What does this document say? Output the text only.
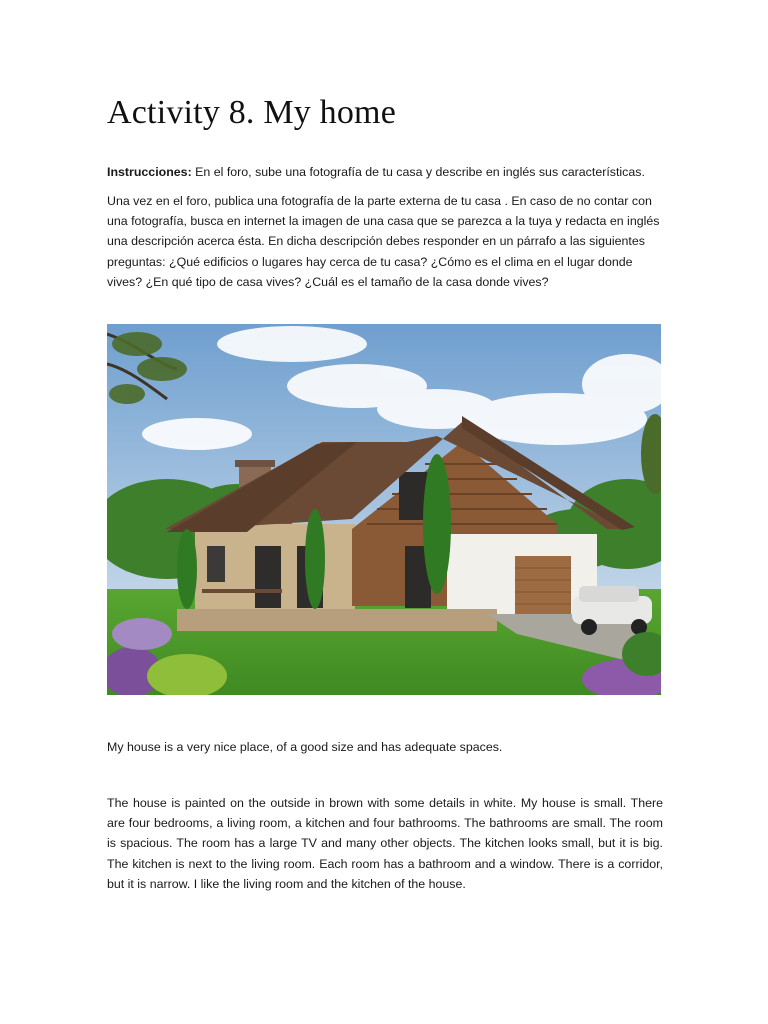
Activity 8. My home

Instrucciones: En el foro, sube una fotografía de tu casa y describe en inglés sus características.

Una vez en el foro, publica una fotografía de la parte externa de tu casa . En caso de no contar con una fotografía, busca en internet la imagen de una casa que se parezca a la tuya y redacta en inglés una descripción acerca ésta. En dicha descripción debes responder en un párrafo a las siguientes preguntas: ¿Qué edificios o lugares hay cerca de tu casa? ¿Cómo es el clima en el lugar donde vives? ¿En qué tipo de casa vives? ¿Cuál es el tamaño de la casa donde vives?

My house is a very nice place, of a good size and has adequate spaces.

The house is painted on the outside in brown with some details in white. My house is small. There are four bedrooms, a living room, a kitchen and four bathrooms. The bathrooms are small. The room is spacious. The room has a large TV and many other objects. The kitchen looks small, but it is big. The kitchen is next to the living room. Each room has a bathroom and a window. There is a corridor, but it is narrow. I like the living room and the kitchen of the house.
